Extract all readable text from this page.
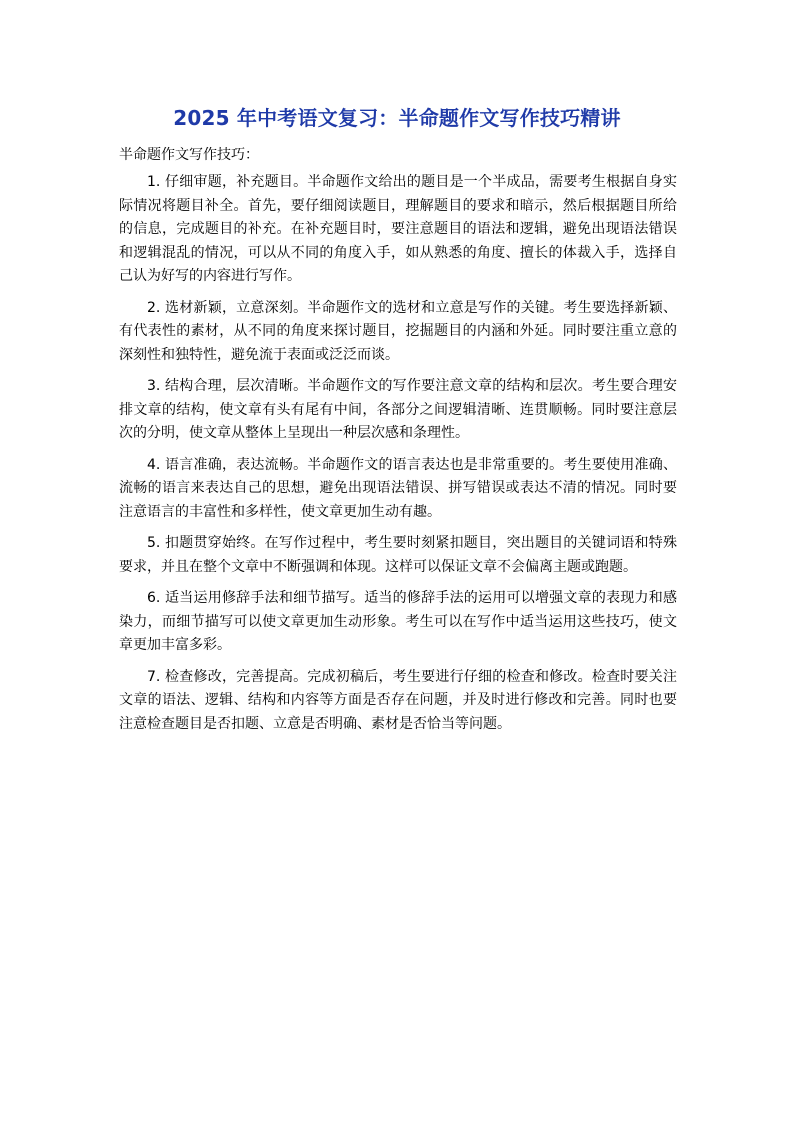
2025 年中考语文复习：半命题作文写作技巧精讲
半命题作文写作技巧：

1. 仔细审题，补充题目。半命题作文给出的题目是一个半成品，需要考生根据自身实际情况将题目补全。首先，要仔细阅读题目，理解题目的要求和暗示，然后根据题目所给的信息，完成题目的补充。在补充题目时，要注意题目的语法和逻辑，避免出现语法错误和逻辑混乱的情况，可以从不同的角度入手，如从熟悉的角度、擅长的体裁入手，选择自己认为好写的内容进行写作。

2. 选材新颖，立意深刻。半命题作文的选材和立意是写作的关键。考生要选择新颖、有代表性的素材，从不同的角度来探讨题目，挖掘题目的内涵和外延。同时要注重立意的深刻性和独特性，避免流于表面或泛泛而谈。

3. 结构合理，层次清晰。半命题作文的写作要注意文章的结构和层次。考生要合理安排文章的结构，使文章有头有尾有中间，各部分之间逻辑清晰、连贯顺畅。同时要注意层次的分明，使文章从整体上呈现出一种层次感和条理性。

4. 语言准确，表达流畅。半命题作文的语言表达也是非常重要的。考生要使用准确、流畅的语言来表达自己的思想，避免出现语法错误、拼写错误或表达不清的情况。同时要注意语言的丰富性和多样性，使文章更加生动有趣。

5. 扣题贯穿始终。在写作过程中，考生要时刻紧扣题目，突出题目的关键词语和特殊要求，并且在整个文章中不断强调和体现。这样可以保证文章不会偏离主题或跑题。

6. 适当运用修辞手法和细节描写。适当的修辞手法的运用可以增强文章的表现力和感染力，而细节描写可以使文章更加生动形象。考生可以在写作中适当运用这些技巧，使文章更加丰富多彩。

7. 检查修改，完善提高。完成初稿后，考生要进行仔细的检查和修改。检查时要关注文章的语法、逻辑、结构和内容等方面是否存在问题，并及时进行修改和完善。同时也要注意检查题目是否扣题、立意是否明确、素材是否恰当等问题。
